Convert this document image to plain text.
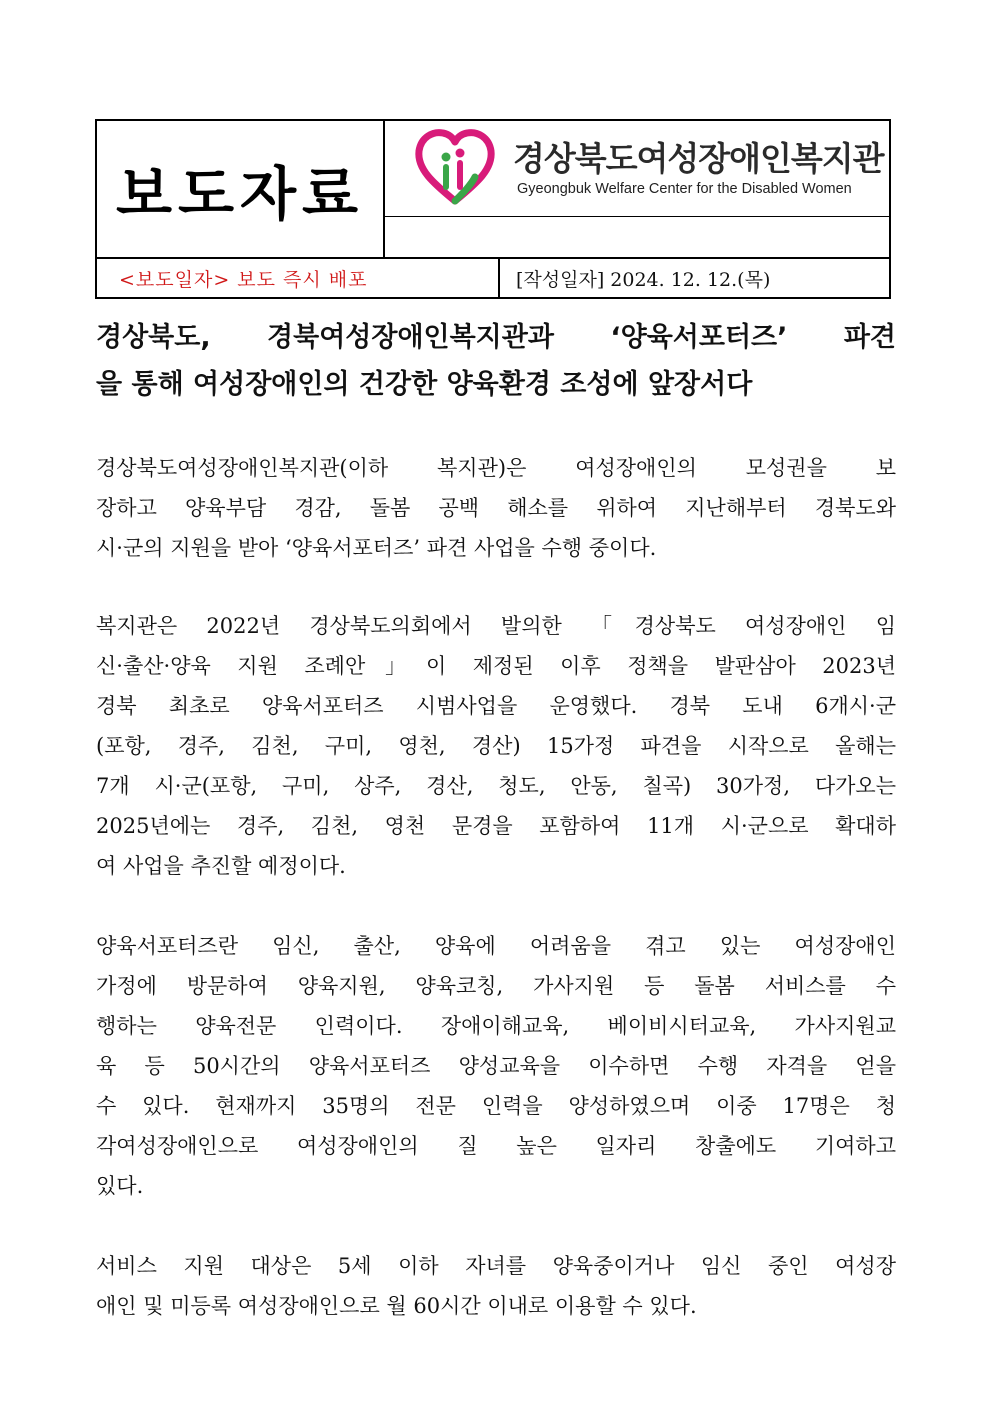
보도자료
경상북도여성장애인복지관
Gyeongbuk Welfare Center for the Disabled Women
<보도일자> 보도 즉시 배포	[작성일자] 2024. 12. 12.(목)
경상북도, 경북여성장애인복지관과 ‘양육서포터즈’ 파견
을 통해 여성장애인의 건강한 양육환경 조성에 앞장서다
경상북도여성장애인복지관(이하 복지관)은 여성장애인의 모성권을 보
장하고 양육부담 경감, 돌봄 공백 해소를 위하여 지난해부터 경북도와
시·군의 지원을 받아 ‘양육서포터즈’ 파견 사업을 수행 중이다.
복지관은 2022년 경상북도의회에서 발의한 「경상북도 여성장애인 임
신·출산·양육 지원 조례안」이 제정된 이후 정책을 발판삼아 2023년
경북 최초로 양육서포터즈 시범사업을 운영했다. 경북 도내 6개시·군
(포항, 경주, 김천, 구미, 영천, 경산) 15가정 파견을 시작으로 올해는
7개 시·군(포항, 구미, 상주, 경산, 청도, 안동, 칠곡) 30가정, 다가오는
2025년에는 경주, 김천, 영천 문경을 포함하여 11개 시·군으로 확대하
여 사업을 추진할 예정이다.
양육서포터즈란 임신, 출산, 양육에 어려움을 겪고 있는 여성장애인
가정에 방문하여 양육지원, 양육코칭, 가사지원 등 돌봄 서비스를 수
행하는 양육전문 인력이다. 장애이해교육, 베이비시터교육, 가사지원교
육 등 50시간의 양육서포터즈 양성교육을 이수하면 수행 자격을 얻을
수 있다. 현재까지 35명의 전문 인력을 양성하였으며 이중 17명은 청
각여성장애인으로 여성장애인의 질 높은 일자리 창출에도 기여하고
있다.
서비스 지원 대상은 5세 이하 자녀를 양육중이거나 임신 중인 여성장
애인 및 미등록 여성장애인으로 월 60시간 이내로 이용할 수 있다.
